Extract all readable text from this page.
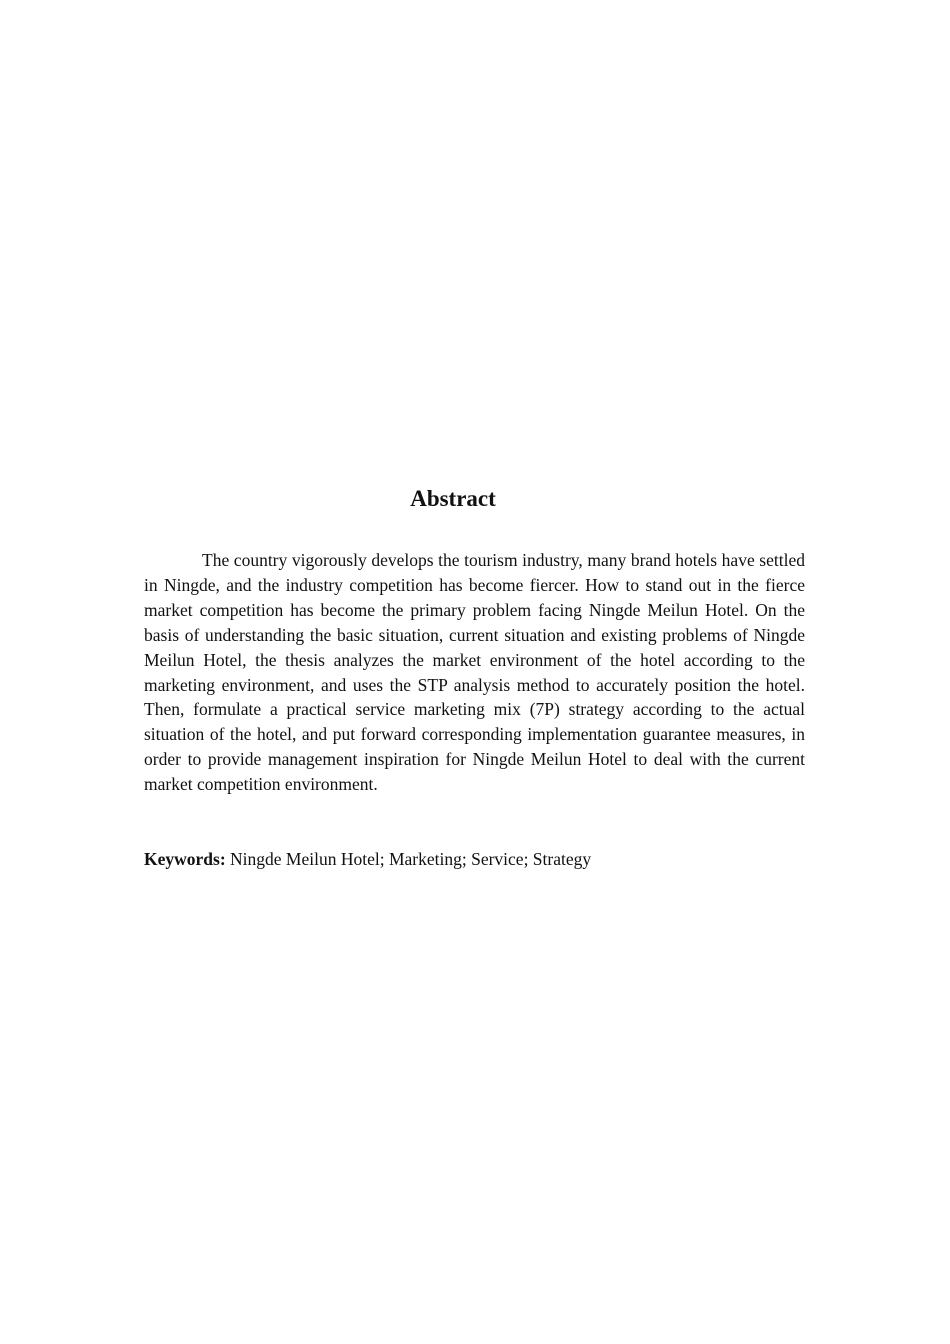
Abstract

The country vigorously develops the tourism industry, many brand hotels have settled in Ningde, and the industry competition has become fiercer. How to stand out in the fierce market competition has become the primary problem facing Ningde Meilun Hotel. On the basis of understanding the basic situation, current situation and existing problems of Ningde Meilun Hotel, the thesis analyzes the market environment of the hotel according to the marketing environment, and uses the STP analysis method to accurately position the hotel. Then, formulate a practical service marketing mix (7P) strategy according to the actual situation of the hotel, and put forward corresponding implementation guarantee measures, in order to provide management inspiration for Ningde Meilun Hotel to deal with the current market competition environment.

Keywords: Ningde Meilun Hotel; Marketing; Service; Strategy
